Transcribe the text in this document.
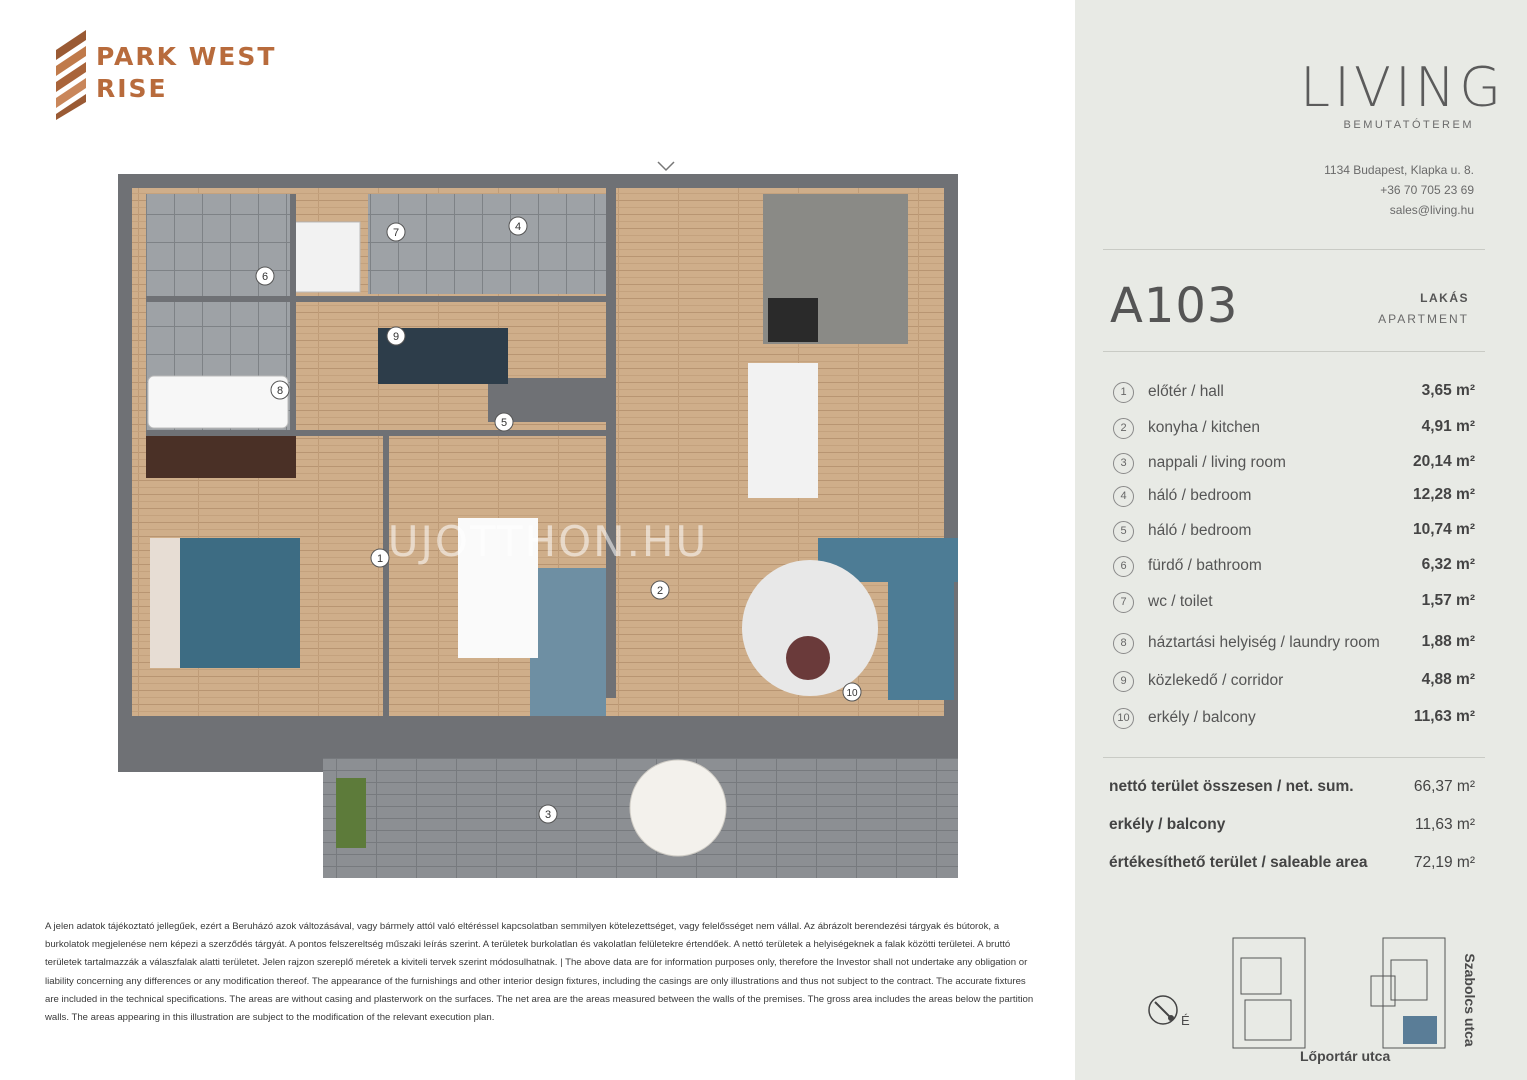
PARK WEST
RISE
1
2
3
4
5
6
7
8
9
10
UJOTTHON.HU
A jelen adatok tájékoztató jellegűek, ezért a Beruházó azok változásával, vagy bármely attól való eltéréssel kapcsolatban semmilyen kötelezettséget, vagy felelősséget nem vállal. Az ábrázolt berendezési tárgyak és bútorok, a burkolatok megjelenése nem képezi a szerződés tárgyát. A pontos felszereltség műszaki leírás szerint. A területek burkolatlan és vakolatlan felületekre értendőek. A nettó területek a helyiségeknek a falak közötti területei. A bruttó területek tartalmazzák a válaszfalak alatti területet. Jelen rajzon szereplő méretek a kiviteli tervek szerint módosulhatnak. | The above data are for information purposes only, therefore the Investor shall not undertake any obligation or liability concerning any differences or any modification thereof. The appearance of the furnishings and other interior design fixtures, including the casings are only illustrations and thus not subject to the contract. The accurate fixtures are included in the technical specifications. The areas are without casing and plasterwork on the surfaces. The net area are the areas measured between the walls of the premises. The gross area includes the areas below the partition walls. The areas appearing in this illustration are subject to the modification of the relevant execution plan.
LIVING
BEMUTATÓTEREM
1134 Budapest, Klapka u. 8.
+36 70 705 23 69
sales@living.hu
A103	LAKÁS
APARTMENT
1	előtér / hall	3,65 m²
2	konyha / kitchen	4,91 m²
3	nappali / living room	20,14 m²
4	háló / bedroom	12,28 m²
5	háló / bedroom	10,74 m²
6	fürdő / bathroom	6,32 m²
7	wc / toilet	1,57 m²
8	háztartási helyiség / laundry room	1,88 m²
9	közlekedő / corridor	4,88 m²
10 erkély / balcony	11,63 m²
nettó terület összesen / net. sum.	66,37 m²
erkély / balcony	11,63 m²
értékesíthető terület / saleable area	72,19 m²
É	Szabolcs utca
Lőportár utca
